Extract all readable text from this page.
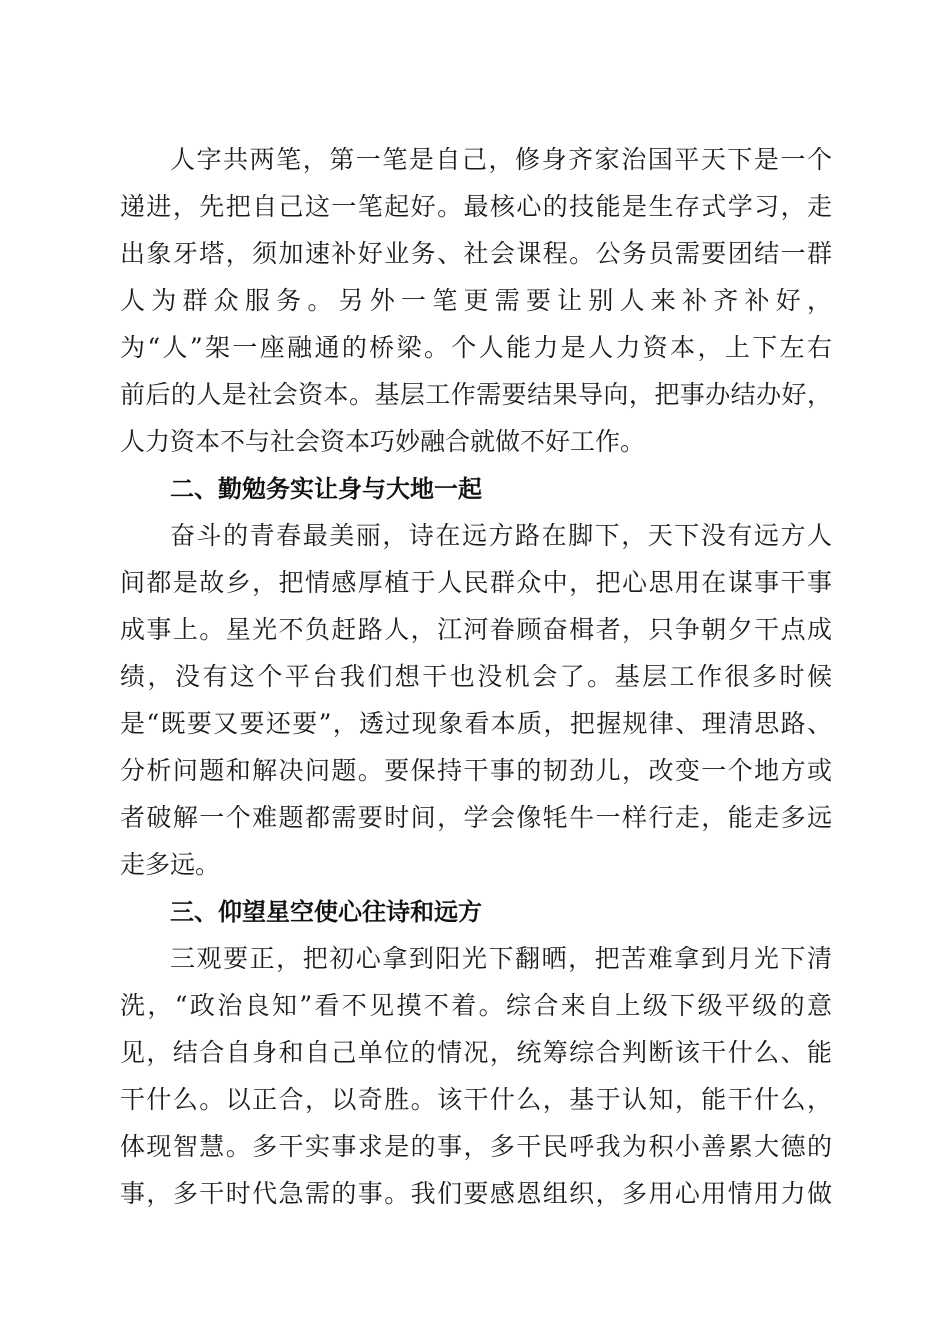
人字共两笔，第一笔是自己，修身齐家治国平天下是一个
递进，先把自己这一笔起好。最核心的技能是生存式学习，走
出象牙塔，须加速补好业务、社会课程。公务员需要团结一群
人为群众服务。另外一笔更需要让别人来补齐补好，
为“人”架一座融通的桥梁。个人能力是人力资本，上下左右
前后的人是社会资本。基层工作需要结果导向，把事办结办好，
人力资本不与社会资本巧妙融合就做不好工作。
二、勤勉务实让身与大地一起
奋斗的青春最美丽，诗在远方路在脚下，天下没有远方人
间都是故乡，把情感厚植于人民群众中，把心思用在谋事干事
成事上。星光不负赶路人，江河眷顾奋楫者，只争朝夕干点成
绩，没有这个平台我们想干也没机会了。基层工作很多时候
是“既要又要还要”，透过现象看本质，把握规律、理清思路、
分析问题和解决问题。要保持干事的韧劲儿，改变一个地方或
者破解一个难题都需要时间，学会像牦牛一样行走，能走多远
走多远。
三、仰望星空使心往诗和远方
三观要正，把初心拿到阳光下翻晒，把苦难拿到月光下清
洗，“政治良知”看不见摸不着。综合来自上级下级平级的意
见，结合自身和自己单位的情况，统筹综合判断该干什么、能
干什么。以正合，以奇胜。该干什么，基于认知，能干什么，
体现智慧。多干实事求是的事，多干民呼我为积小善累大德的
事，多干时代急需的事。我们要感恩组织，多用心用情用力做
